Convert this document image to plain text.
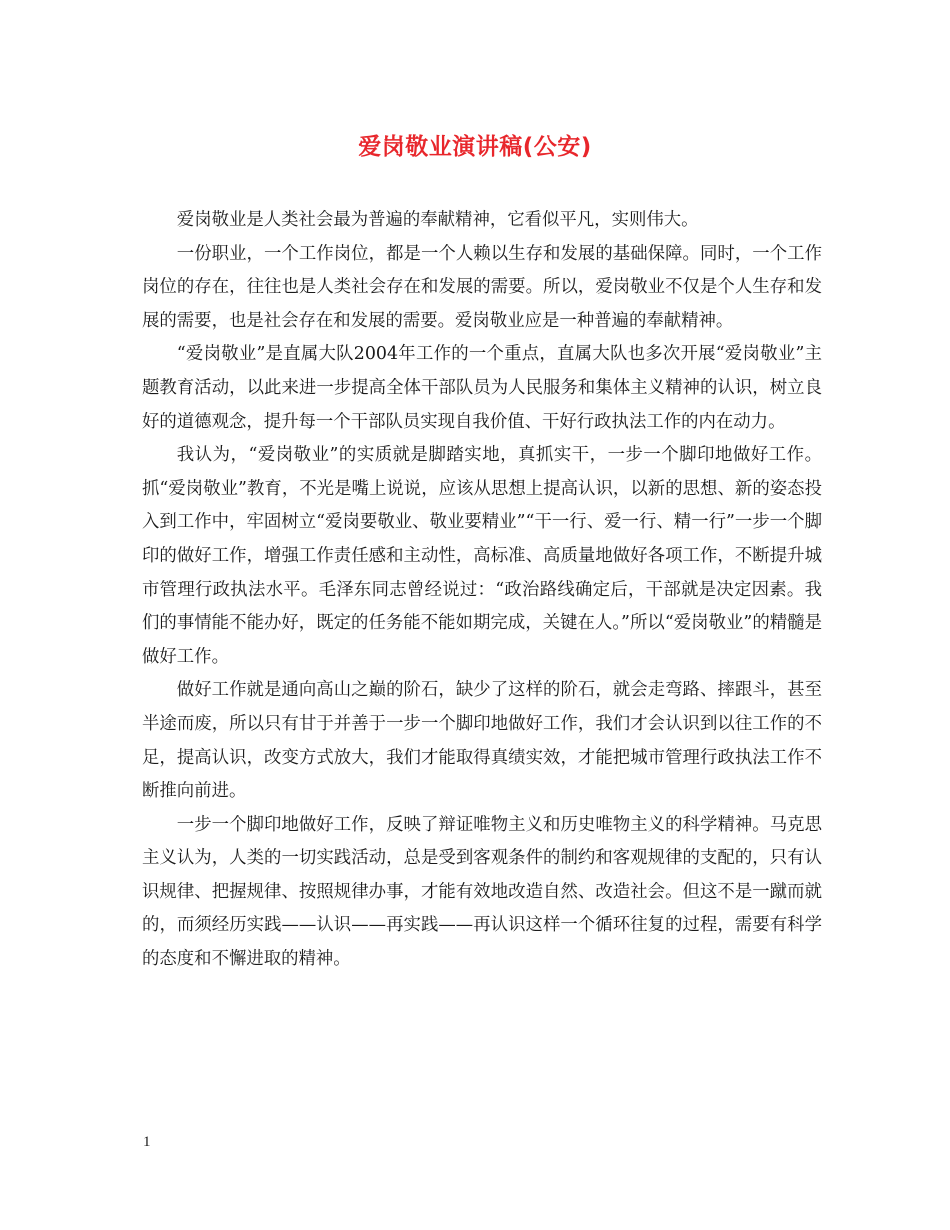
爱岗敬业演讲稿(公安)

爱岗敬业是人类社会最为普遍的奉献精神，它看似平凡，实则伟大。

一份职业，一个工作岗位，都是一个人赖以生存和发展的基础保障。同时，一个工作岗位的存在，往往也是人类社会存在和发展的需要。所以，爱岗敬业不仅是个人生存和发展的需要，也是社会存在和发展的需要。爱岗敬业应是一种普遍的奉献精神。

“爱岗敬业”是直属大队2004年工作的一个重点，直属大队也多次开展“爱岗敬业”主题教育活动，以此来进一步提高全体干部队员为人民服务和集体主义精神的认识，树立良好的道德观念，提升每一个干部队员实现自我价值、干好行政执法工作的内在动力。

我认为，“爱岗敬业”的实质就是脚踏实地，真抓实干，一步一个脚印地做好工作。抓“爱岗敬业”教育，不光是嘴上说说，应该从思想上提高认识，以新的思想、新的姿态投入到工作中，牢固树立“爱岗要敬业、敬业要精业”“干一行、爱一行、精一行”一步一个脚印的做好工作，增强工作责任感和主动性，高标准、高质量地做好各项工作，不断提升城市管理行政执法水平。毛泽东同志曾经说过：“政治路线确定后，干部就是决定因素。我们的事情能不能办好，既定的任务能不能如期完成，关键在人。”所以“爱岗敬业”的精髓是做好工作。

做好工作就是通向高山之巅的阶石，缺少了这样的阶石，就会走弯路、摔跟斗，甚至半途而废，所以只有甘于并善于一步一个脚印地做好工作，我们才会认识到以往工作的不足，提高认识，改变方式放大，我们才能取得真绩实效，才能把城市管理行政执法工作不断推向前进。

一步一个脚印地做好工作，反映了辩证唯物主义和历史唯物主义的科学精神。马克思主义认为，人类的一切实践活动，总是受到客观条件的制约和客观规律的支配的，只有认识规律、把握规律、按照规律办事，才能有效地改造自然、改造社会。但这不是一蹴而就的，而须经历实践——认识——再实践——再认识这样一个循环往复的过程，需要有科学的态度和不懈进取的精神。

1
